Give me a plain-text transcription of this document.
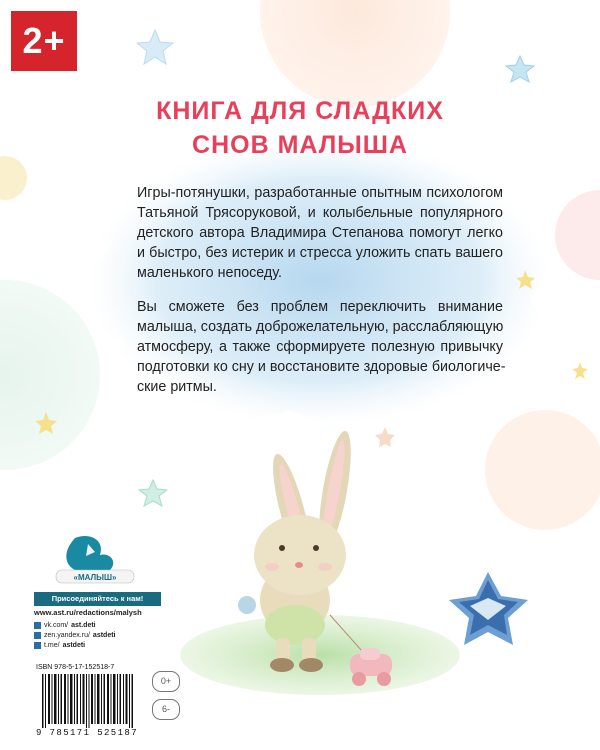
2+
КНИГА ДЛЯ СЛАДКИХ
СНОВ МАЛЫША

Игры-потянушки, разработанные опытным психологом
Татьяной Трясоруковой, и колыбельные популярного
детского автора Владимира Степанова помогут легко
и быстро, без истерик и стресса уложить спать вашего
маленького непоседу.

Вы сможете без проблем переключить внимание
малыша, создать доброжелательную, расслабляющую
атмосферу, а также сформируете полезную привычку
подготовки ко сну и восстановите здоровые биологиче-
ские ритмы.

«МАЛЫШ»
Присоединяйтесь к нам!
www.ast.ru/redactions/malysh
vk.com/ ast.deti
zen.yandex.ru/ astdeti
t.me/ astdeti
ISBN 978-5-17-152518-7
9 785171 525187
0+
6-
